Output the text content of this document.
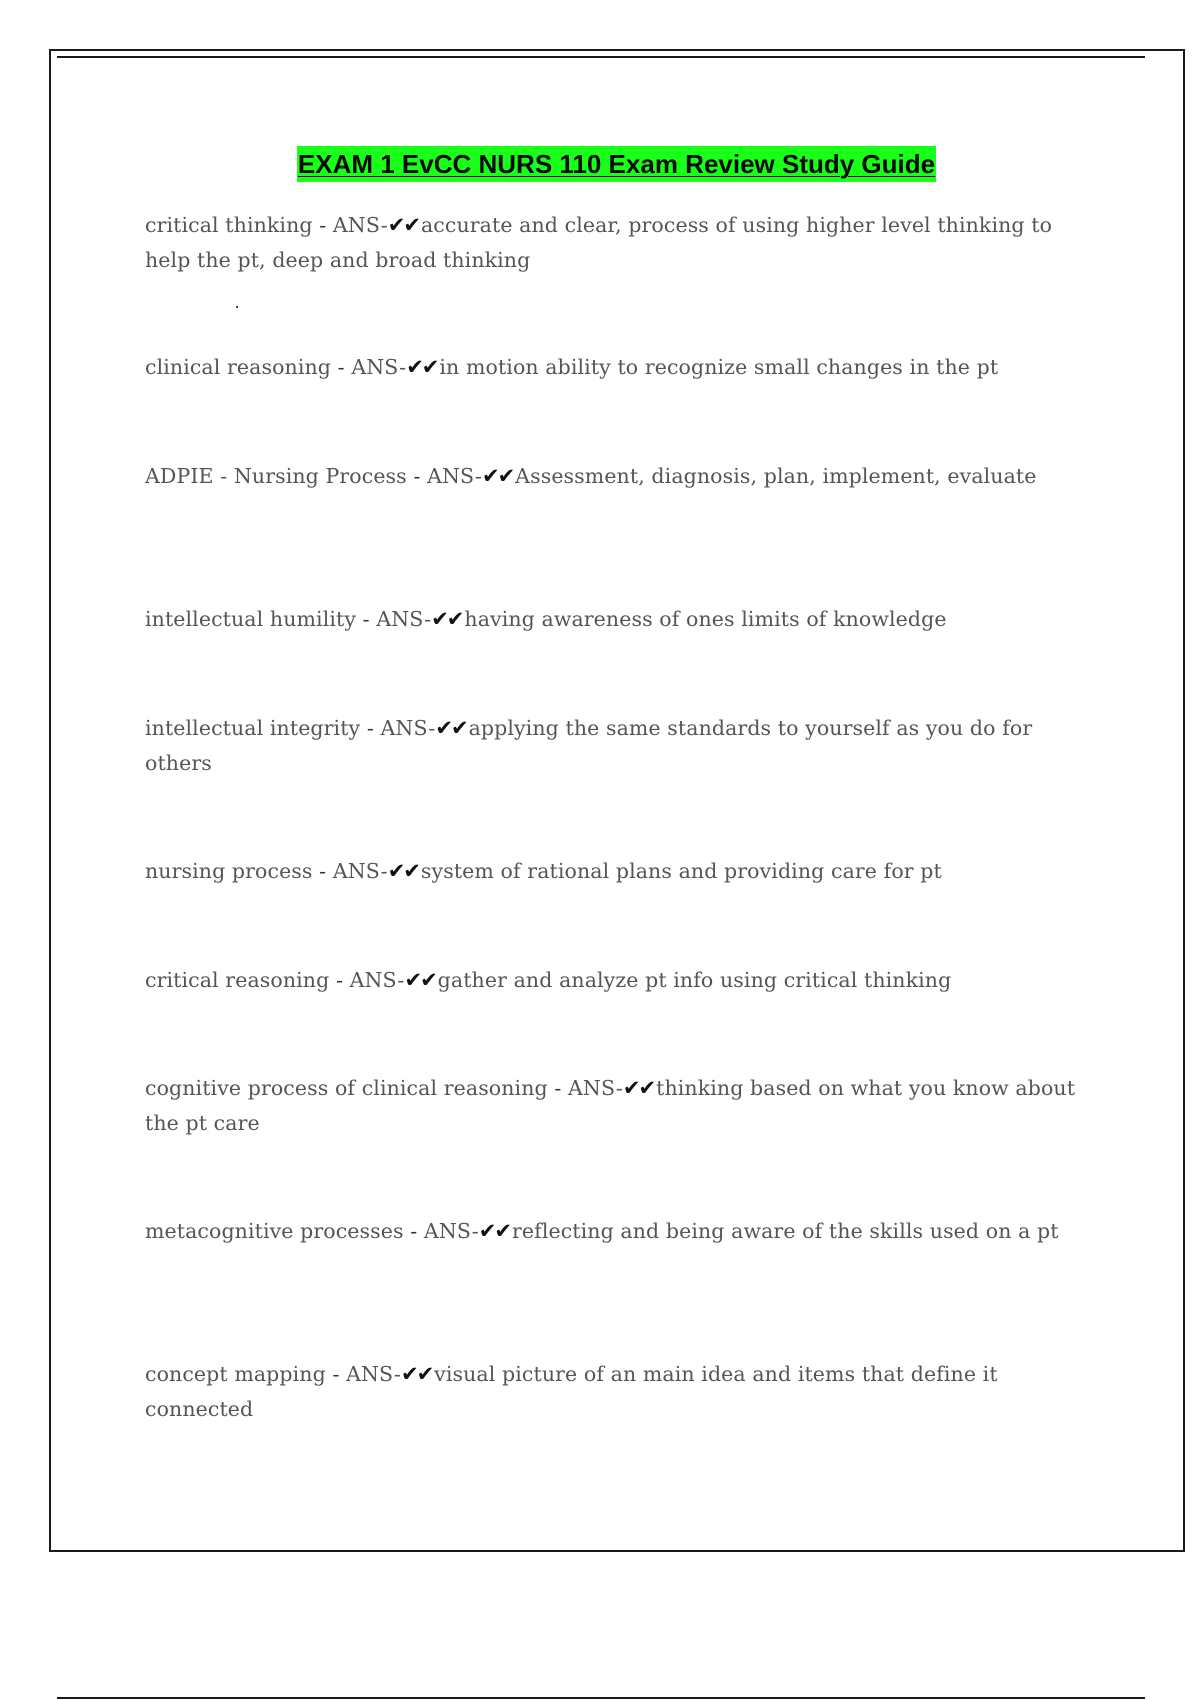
EXAM 1 EvCC NURS 110 Exam Review Study Guide
critical thinking - ANS-✔✔accurate and clear, process of using higher level thinking to help the pt, deep and broad thinking
clinical reasoning - ANS-✔✔in motion ability to recognize small changes in the pt
ADPIE - Nursing Process - ANS-✔✔Assessment, diagnosis, plan, implement, evaluate
intellectual humility - ANS-✔✔having awareness of ones limits of knowledge
intellectual integrity - ANS-✔✔applying the same standards to yourself as you do for others
nursing process - ANS-✔✔system of rational plans and providing care for pt
critical reasoning - ANS-✔✔gather and analyze pt info using critical thinking
cognitive process of clinical reasoning - ANS-✔✔thinking based on what you know about the pt care
metacognitive processes - ANS-✔✔reflecting and being aware of the skills used on a pt
concept mapping - ANS-✔✔visual picture of an main idea and items that define it connected
